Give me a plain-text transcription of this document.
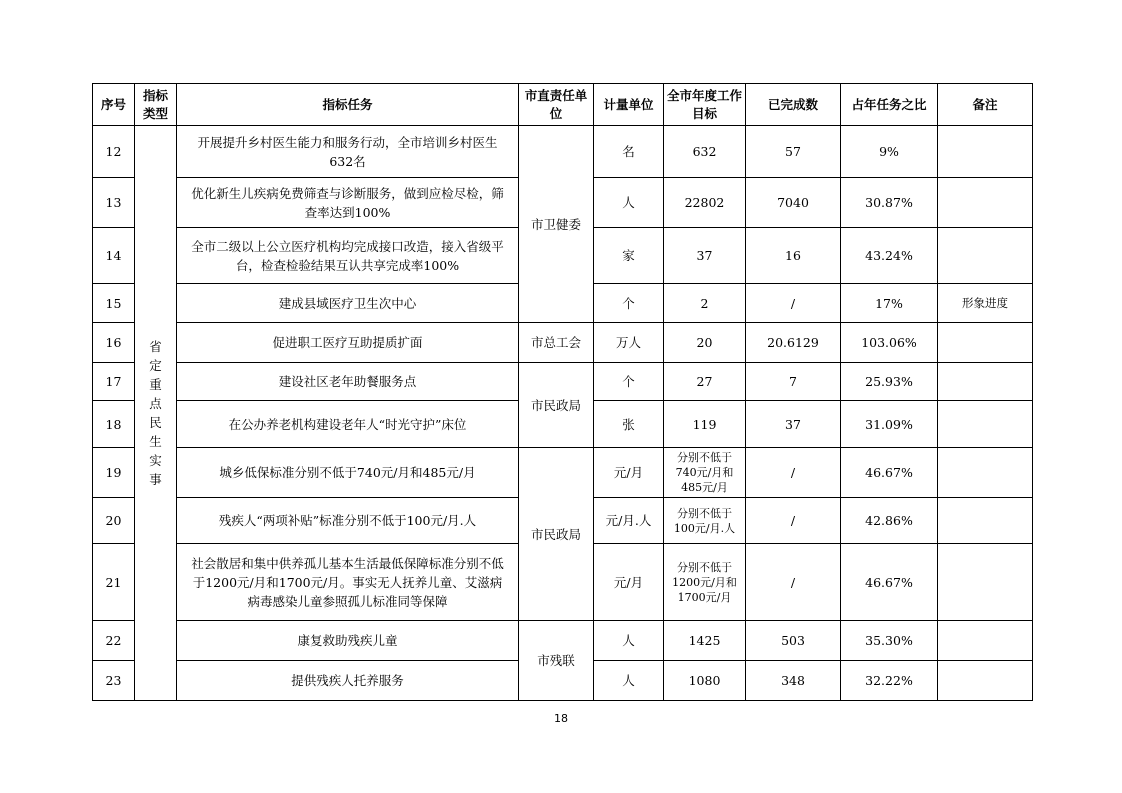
序号	指标类型	指标任务	市直责任单位	计量单位	全市年度工作目标	已完成数	占年任务之比	备注
12	省定重点民生实事	开展提升乡村医生能力和服务行动，全市培训乡村医生632名	市卫健委	名	632	57	9%	
13		优化新生儿疾病免费筛查与诊断服务，做到应检尽检，筛查率达到100%		人	22802	7040	30.87%	
14		全市二级以上公立医疗机构均完成接口改造，接入省级平台，检查检验结果互认共享完成率100%		家	37	16	43.24%	
15		建成县域医疗卫生次中心		个	2	/	17%	形象进度
16		促进职工医疗互助提质扩面	市总工会	万人	20	20.6129	103.06%	
17		建设社区老年助餐服务点	市民政局	个	27	7	25.93%	
18		在公办养老机构建设老年人“时光守护”床位		张	119	37	31.09%	
19		城乡低保标准分别不低于740元/月和485元/月	市民政局	元/月	分别不低于740元/月和485元/月	/	46.67%	
20		残疾人“两项补贴”标准分别不低于100元/月.人		元/月.人	分别不低于100元/月.人	/	42.86%	
21		社会散居和集中供养孤儿基本生活最低保障标准分别不低于1200元/月和1700元/月。事实无人抚养儿童、艾滋病病毒感染儿童参照孤儿标准同等保障		元/月	分别不低于1200元/月和1700元/月	/	46.67%	
22		康复救助残疾儿童	市残联	人	1425	503	35.30%	
23		提供残疾人托养服务		人	1080	348	32.22%	
18
